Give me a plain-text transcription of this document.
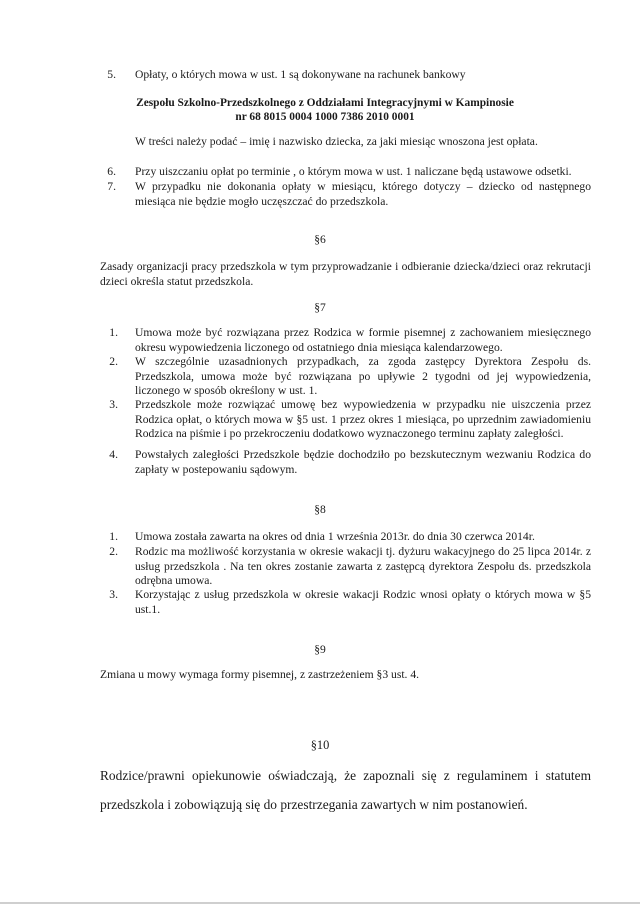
5. Opłaty, o których mowa w ust. 1 są dokonywane na rachunek bankowy
Zespołu Szkolno-Przedszkolnego z Oddziałami Integracyjnymi w Kampinosie
nr 68 8015 0004 1000 7386 2010 0001
W treści należy podać – imię i nazwisko dziecka, za jaki miesiąc wnoszona jest opłata.
6. Przy uiszczaniu opłat po terminie , o którym mowa w ust. 1 naliczane będą ustawowe odsetki.
7. W przypadku nie dokonania opłaty w miesiącu, którego dotyczy – dziecko od następnego miesiąca nie będzie mogło uczęszczać do przedszkola.
§6
Zasady organizacji pracy przedszkola w tym przyprowadzanie i odbieranie dziecka/dzieci oraz rekrutacji dzieci określa statut przedszkola.
§7
1. Umowa może być rozwiązana przez Rodzica w formie pisemnej z zachowaniem miesięcznego okresu wypowiedzenia liczonego od ostatniego dnia miesiąca kalendarzowego.
2. W szczególnie uzasadnionych przypadkach, za zgoda zastępcy Dyrektora Zespołu ds. Przedszkola, umowa może być rozwiązana po upływie 2 tygodni od jej wypowiedzenia, liczonego w sposób określony w ust. 1.
3. Przedszkole może rozwiązać umowę bez wypowiedzenia w przypadku nie uiszczenia przez Rodzica opłat, o których mowa w §5 ust. 1 przez okres 1 miesiąca, po uprzednim zawiadomieniu Rodzica na piśmie i po przekroczeniu dodatkowo wyznaczonego terminu zapłaty zaległości.
4. Powstałych zaległości Przedszkole będzie dochodziło po bezskutecznym wezwaniu Rodzica do zapłaty w postepowaniu sądowym.
§8
1. Umowa została zawarta na okres od dnia 1 września 2013r. do dnia 30 czerwca 2014r.
2. Rodzic ma możliwość korzystania w okresie wakacji tj. dyżuru wakacyjnego do 25 lipca 2014r. z usług przedszkola . Na ten okres zostanie zawarta z zastępcą dyrektora Zespołu ds. przedszkola odrębna umowa.
3. Korzystając z usług przedszkola w okresie wakacji Rodzic wnosi opłaty o których mowa w §5 ust.1.
§9
Zmiana u mowy wymaga formy pisemnej, z zastrzeżeniem §3 ust. 4.
§10
Rodzice/prawni opiekunowie oświadczają, że zapoznali się z regulaminem i statutem przedszkola i zobowiązują się do przestrzegania zawartych w nim postanowień.
